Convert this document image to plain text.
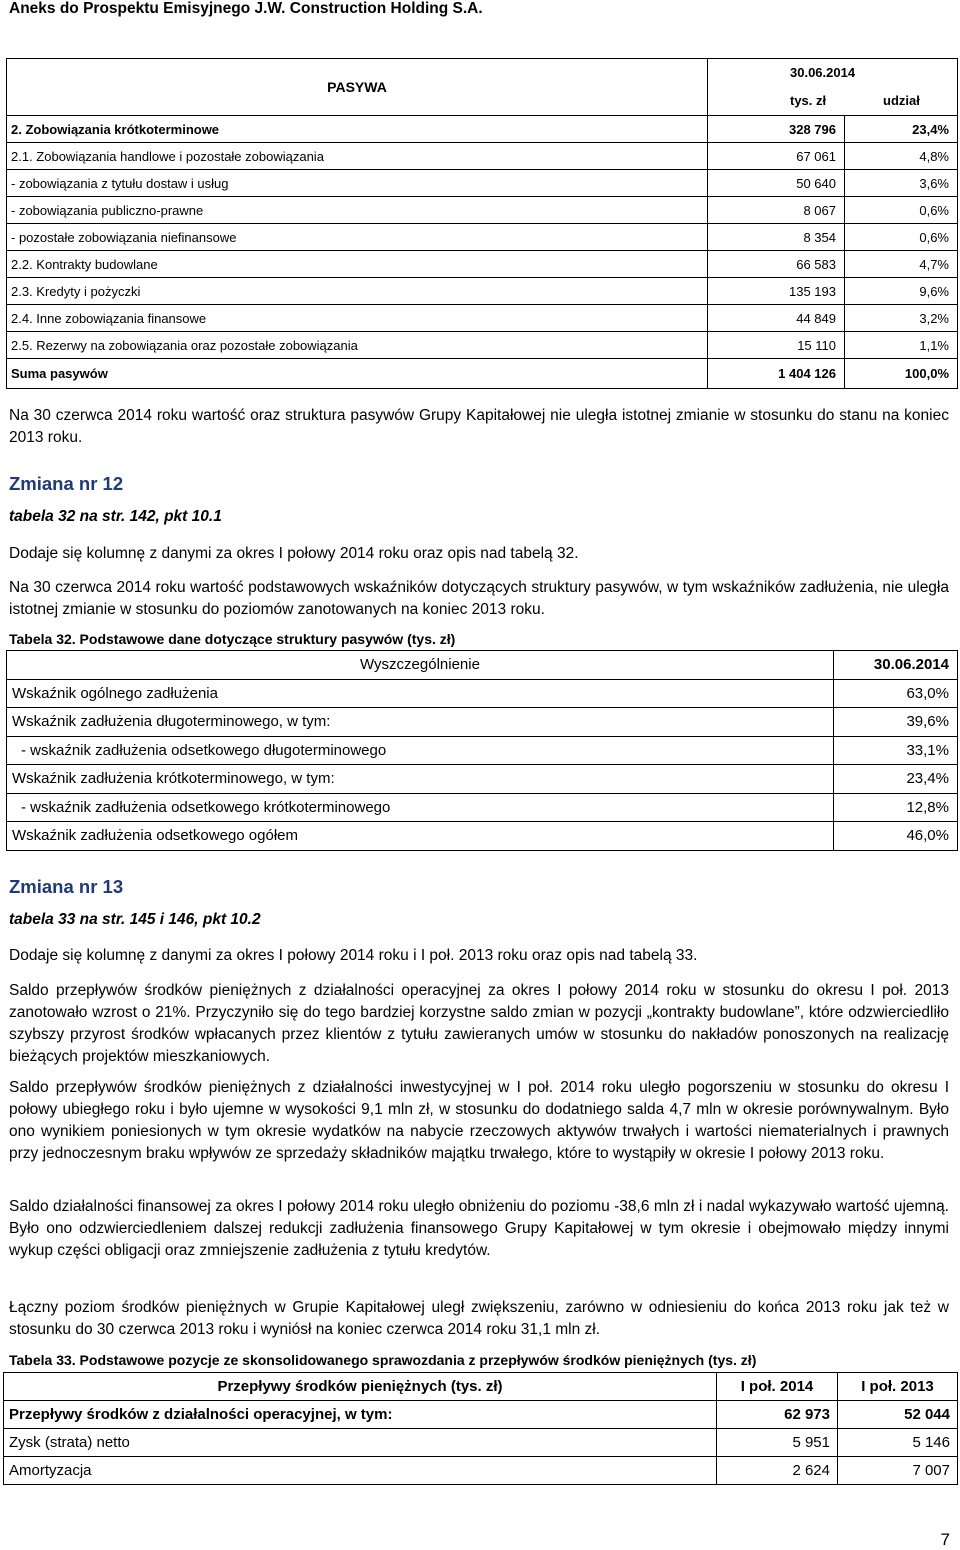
Aneks do Prospektu Emisyjnego J.W. Construction Holding S.A.
PASYWA	30.06.2014
tys. zł udział	

2. Zobowiązania krótkoterminowe	328 796	23,4%
2.1. Zobowiązania handlowe i pozostałe zobowiązania	67 061	4,8%
- zobowiązania z tytułu dostaw i usług	50 640	3,6%
- zobowiązania publiczno-prawne	8 067	0,6%
- pozostałe zobowiązania niefinansowe	8 354	0,6%
2.2. Kontrakty budowlane	66 583	4,7%
2.3. Kredyty i pożyczki	135 193	9,6%
2.4. Inne zobowiązania finansowe	44 849	3,2%
2.5. Rezerwy na zobowiązania oraz pozostałe zobowiązania	15 110	1,1%
Suma pasywów	1 404 126	100,0%
Na 30 czerwca 2014 roku wartość oraz struktura pasywów Grupy Kapitałowej nie uległa istotnej zmianie w stosunku do stanu na koniec 2013 roku.
Zmiana nr 12
tabela 32 na str. 142, pkt 10.1
Dodaje się kolumnę z danymi za okres I połowy 2014 roku oraz opis nad tabelą 32.
Na 30 czerwca 2014 roku wartość podstawowych wskaźników dotyczących struktury pasywów, w tym wskaźników zadłużenia, nie uległa istotnej zmianie w stosunku do poziomów zanotowanych na koniec 2013 roku.
Tabela 32. Podstawowe dane dotyczące struktury pasywów (tys. zł)
Wyszczególnienie	30.06.2014
Wskaźnik ogólnego zadłużenia	63,0%
Wskaźnik zadłużenia długoterminowego, w tym:	39,6%
- wskaźnik zadłużenia odsetkowego długoterminowego	33,1%
Wskaźnik zadłużenia krótkoterminowego, w tym:	23,4%
- wskaźnik zadłużenia odsetkowego krótkoterminowego	12,8%
Wskaźnik zadłużenia odsetkowego ogółem	46,0%
Zmiana nr 13
tabela 33 na str. 145 i 146, pkt 10.2
Dodaje się kolumnę z danymi za okres I połowy 2014 roku i I poł. 2013 roku oraz opis nad tabelą 33.
Saldo przepływów środków pieniężnych z działalności operacyjnej za okres I połowy 2014 roku w stosunku do okresu I poł. 2013 zanotowało wzrost o 21%. Przyczyniło się do tego bardziej korzystne saldo zmian w pozycji „kontrakty budowlane”, które odzwierciedliło szybszy przyrost środków wpłacanych przez klientów z tytułu zawieranych umów w stosunku do nakładów ponoszonych na realizację bieżących projektów mieszkaniowych.
Saldo przepływów środków pieniężnych z działalności inwestycyjnej w I poł. 2014 roku uległo pogorszeniu w stosunku do okresu I połowy ubiegłego roku i było ujemne w wysokości 9,1 mln zł, w stosunku do dodatniego salda 4,7 mln w okresie porównywalnym. Było ono wynikiem poniesionych w tym okresie wydatków na nabycie rzeczowych aktywów trwałych i wartości niematerialnych i prawnych przy jednoczesnym braku wpływów ze sprzedaży składników majątku trwałego, które to wystąpiły w okresie I połowy 2013 roku.
Saldo działalności finansowej za okres I połowy 2014 roku uległo obniżeniu do poziomu -38,6 mln zł i nadal wykazywało wartość ujemną. Było ono odzwierciedleniem dalszej redukcji zadłużenia finansowego Grupy Kapitałowej w tym okresie i obejmowało między innymi wykup części obligacji oraz zmniejszenie zadłużenia z tytułu kredytów.
Łączny poziom środków pieniężnych w Grupie Kapitałowej uległ zwiększeniu, zarówno w odniesieniu do końca 2013 roku jak też w stosunku do 30 czerwca 2013 roku i wyniósł na koniec czerwca 2014 roku 31,1 mln zł.
Tabela 33. Podstawowe pozycje ze skonsolidowanego sprawozdania z przepływów środków pieniężnych (tys. zł)
Przepływy środków pieniężnych (tys. zł)	I poł. 2014	I poł. 2013
Przepływy środków z działalności operacyjnej, w tym:	62 973	52 044
Zysk (strata) netto	5 951	5 146
Amortyzacja	2 624	7 007
7
